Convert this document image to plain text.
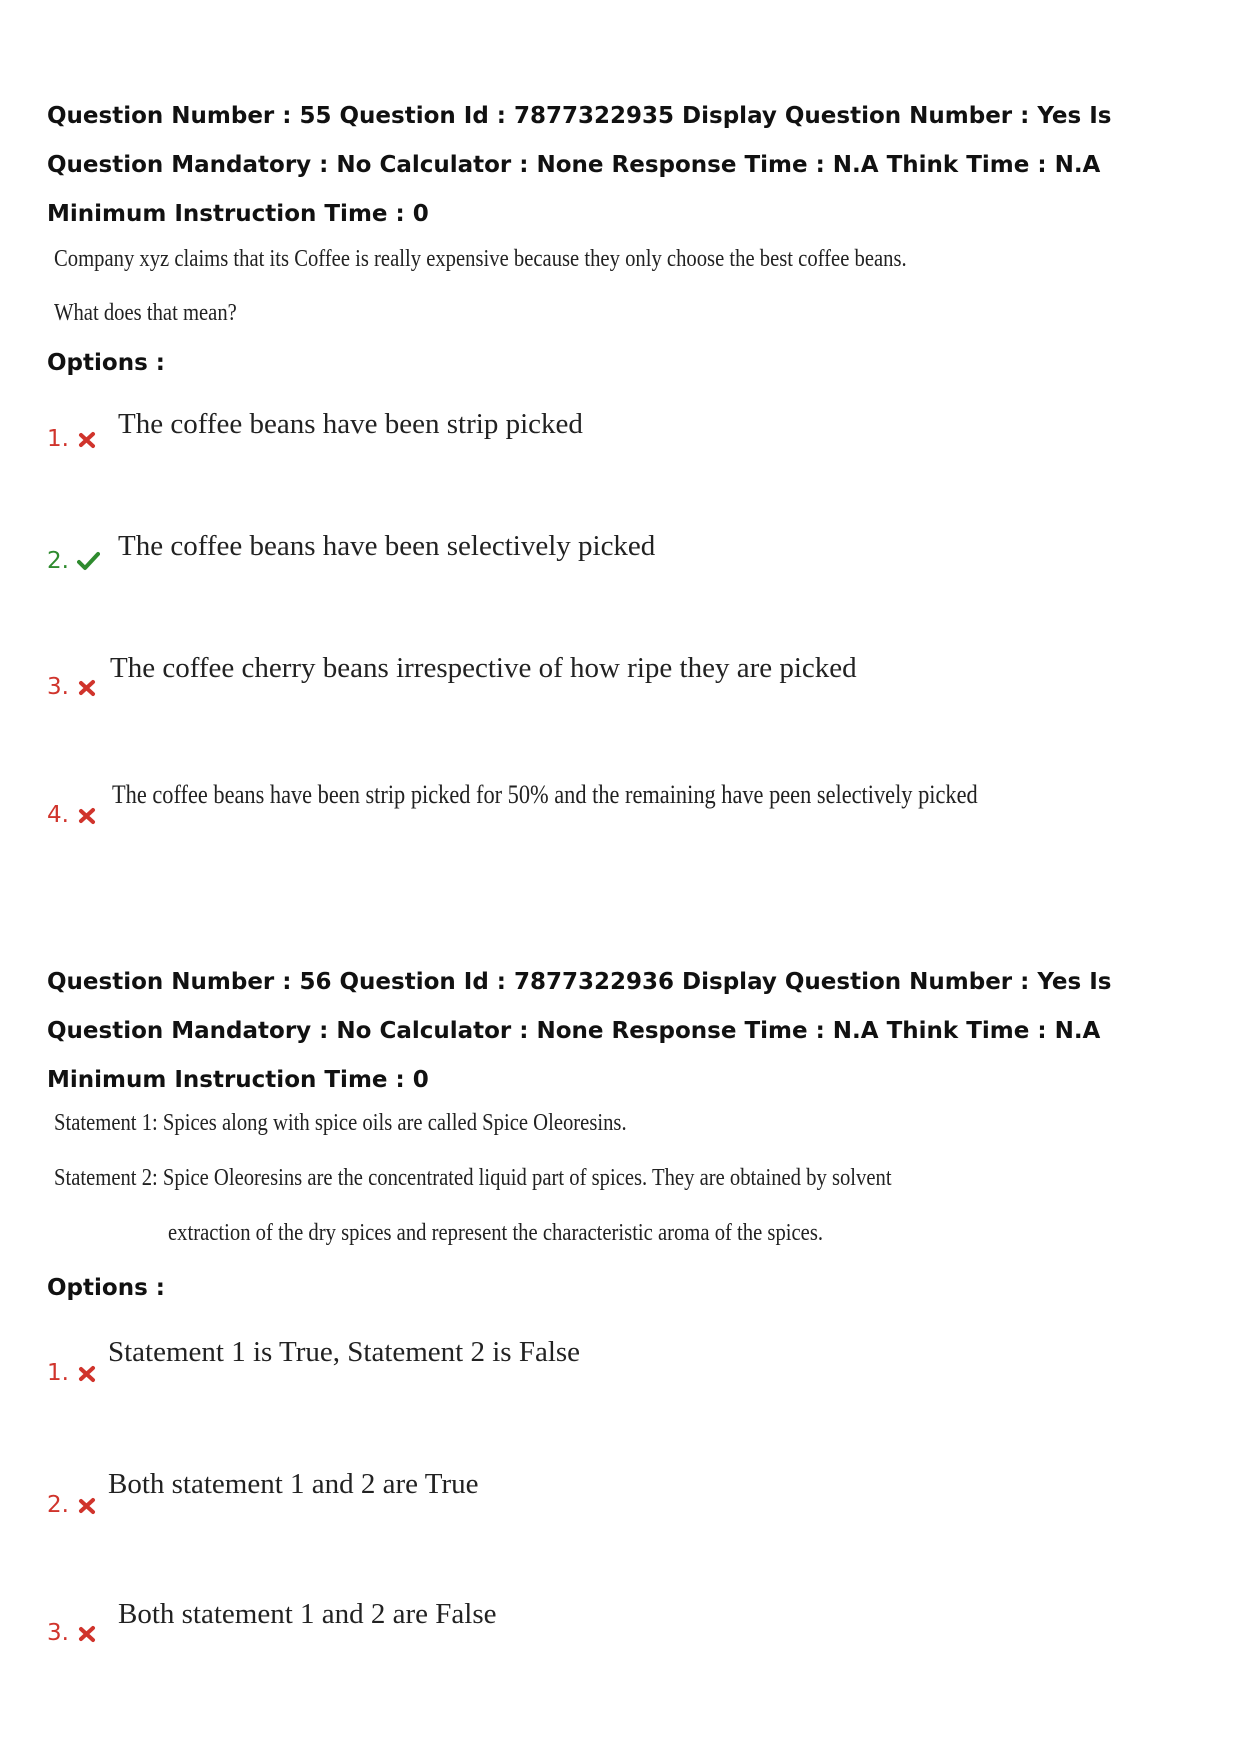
Question Number : 55 Question Id : 7877322935 Display Question Number : Yes Is Question Mandatory : No Calculator : None Response Time : N.A Think Time : N.A Minimum Instruction Time : 0
Company xyz claims that its Coffee is really expensive because they only choose the best coffee beans.
What does that mean?
Options :
1. The coffee beans have been strip picked
2. The coffee beans have been selectively picked
3.
The coffee cherry beans irrespective of how ripe they are picked
4.
The coffee beans have been strip picked for 50% and the remaining have peen selectively picked
Question Number : 56 Question Id : 7877322936 Display Question Number : Yes Is Question Mandatory : No Calculator : None Response Time : N.A Think Time : N.A Minimum Instruction Time : 0
Statement 1: Spices along with spice oils are called Spice Oleoresins.
Statement 2: Spice Oleoresins are the concentrated liquid part of spices. They are obtained by solvent
extraction of the dry spices and represent the characteristic aroma of the spices.
Options :
1.
Statement 1 is True, Statement 2 is False
2.
Both statement 1 and 2 are True
3.
Both statement 1 and 2 are False
